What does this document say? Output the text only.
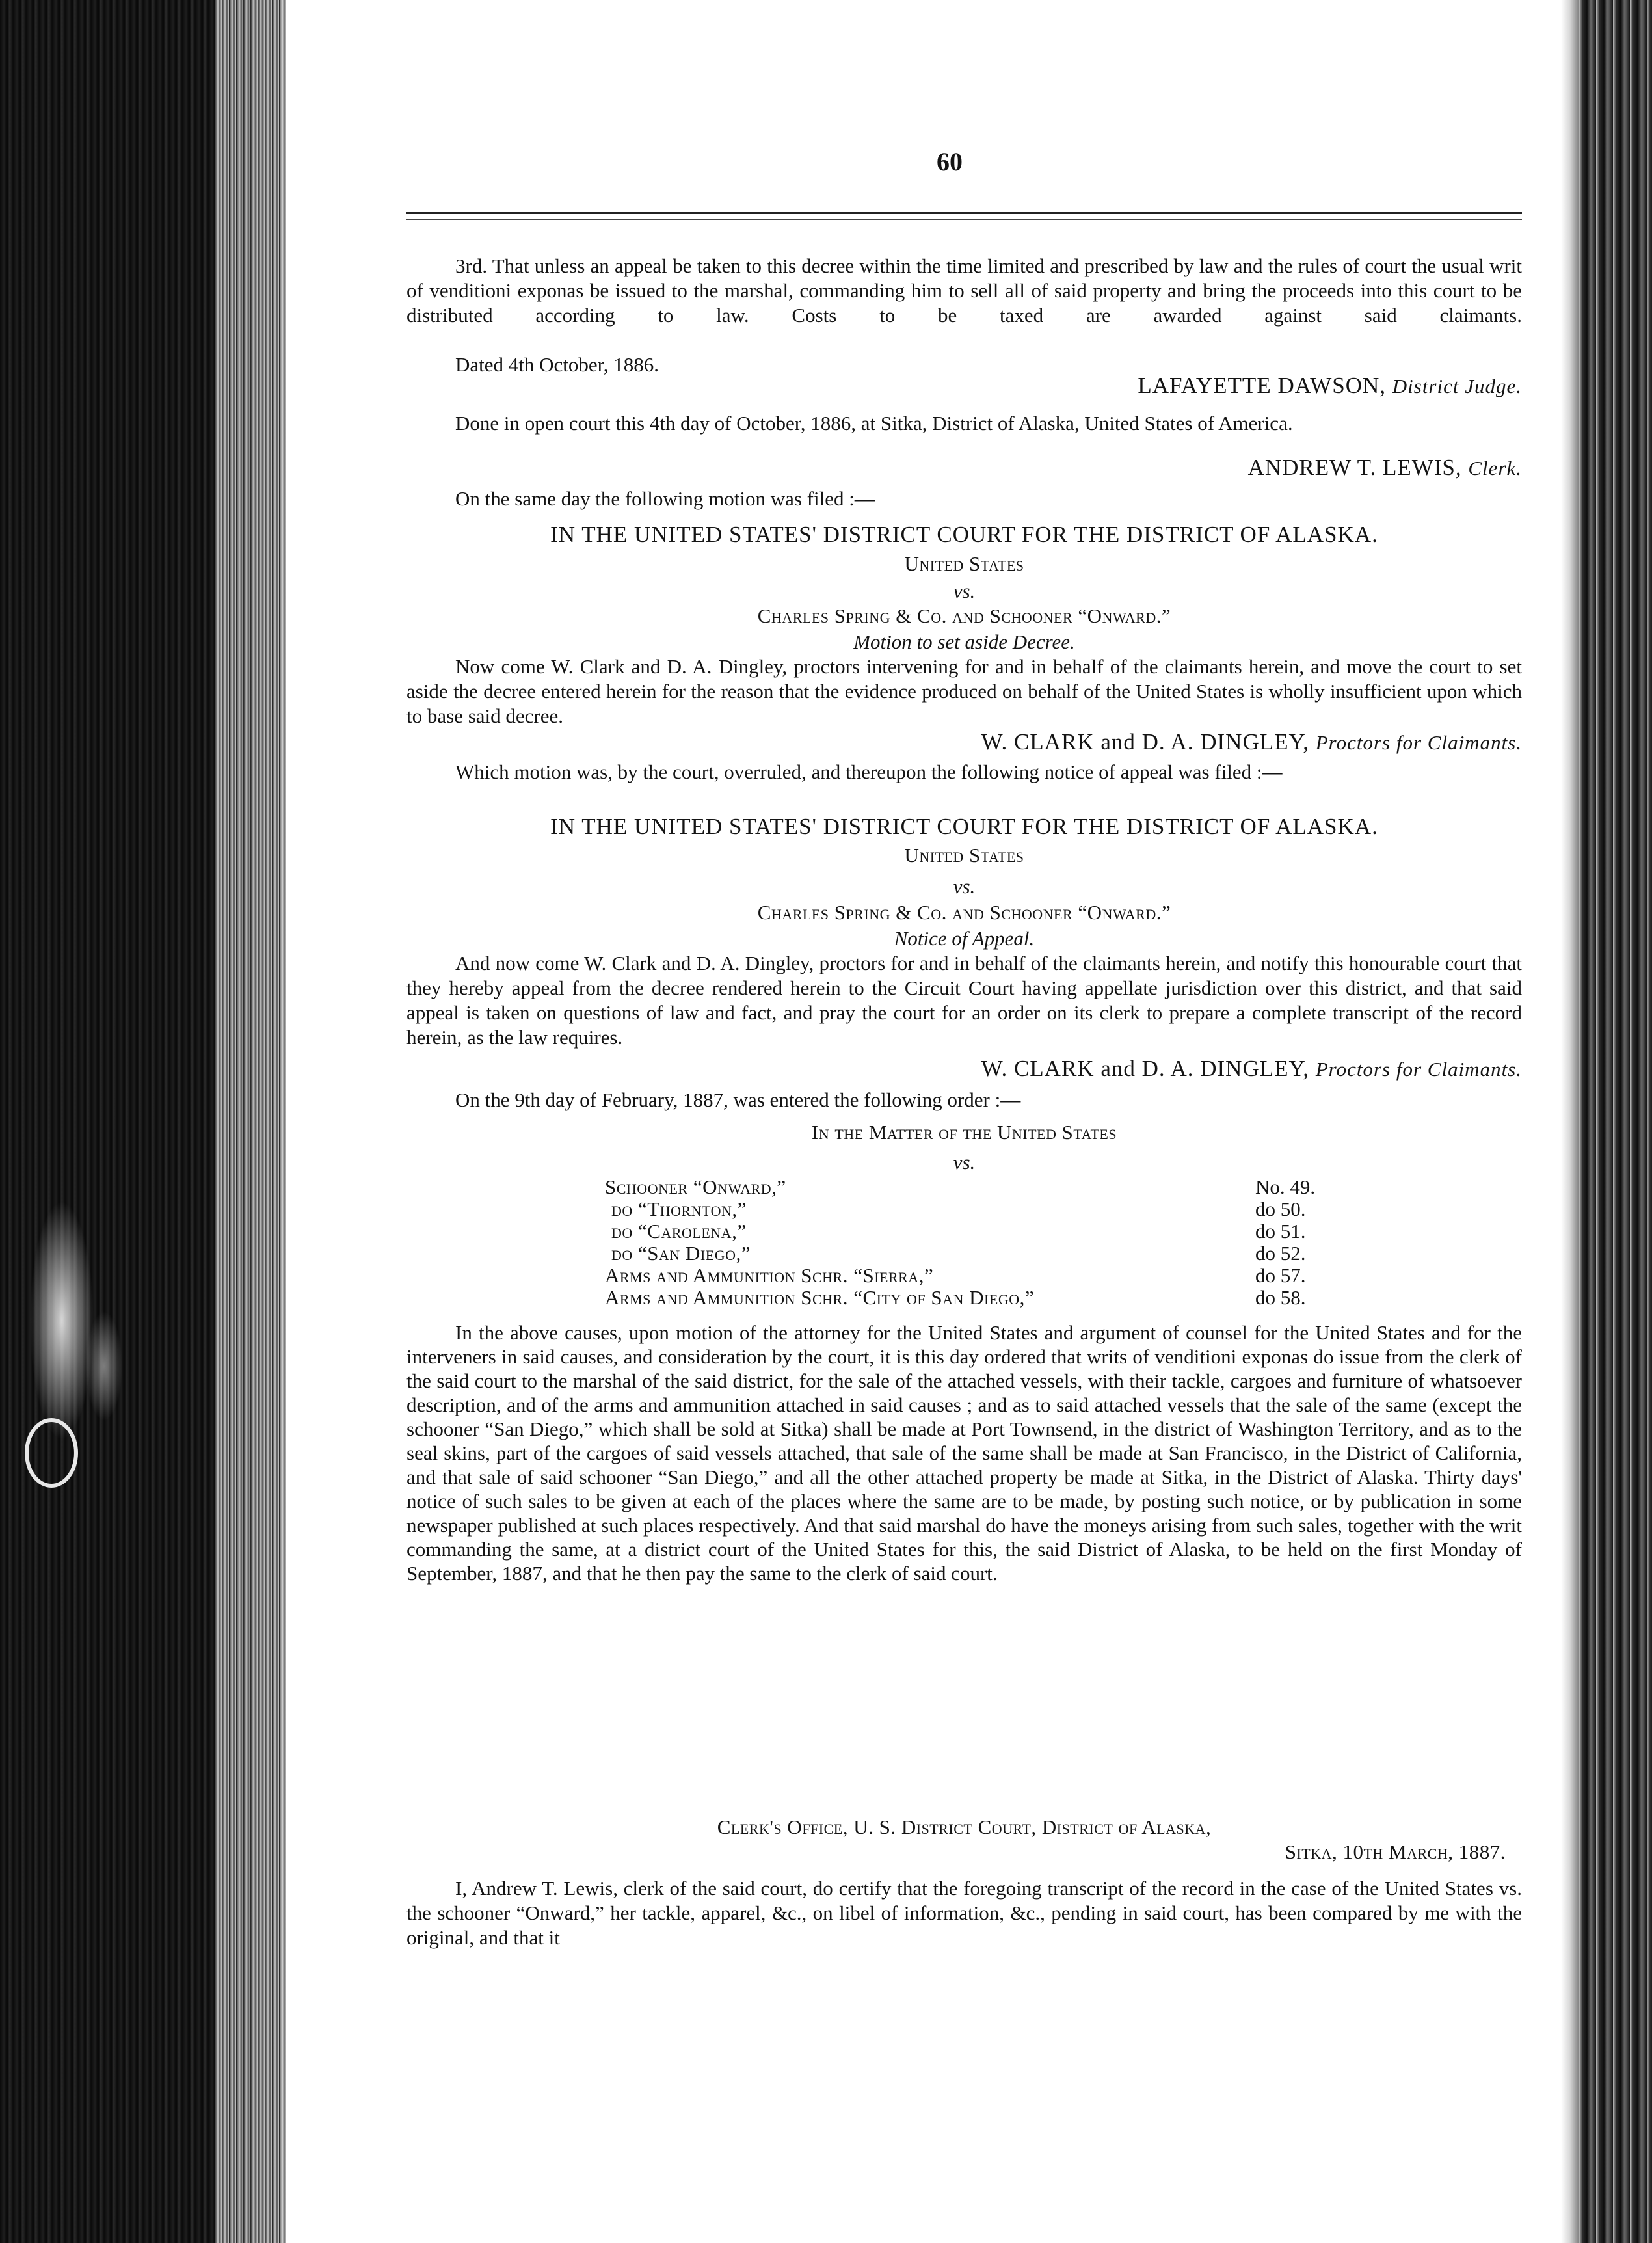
60

3rd. That unless an appeal be taken to this decree within the time limited and prescribed by law and the rules of court the usual writ of venditioni exponas be issued to the marshal, commanding him to sell all of said property and bring the proceeds into this court to be distributed according to law. Costs to be taxed are awarded against said claimants.

Dated 4th October, 1886.

LAFAYETTE DAWSON, District Judge.

Done in open court this 4th day of October, 1886, at Sitka, District of Alaska, United States of America.

ANDREW T. LEWIS, Clerk.

On the same day the following motion was filed :—

IN THE UNITED STATES' DISTRICT COURT FOR THE DISTRICT OF ALASKA.
United States
vs.
Charles Spring & Co. and Schooner “Onward.”
Motion to set aside Decree.

Now come W. Clark and D. A. Dingley, proctors intervening for and in behalf of the claimants herein, and move the court to set aside the decree entered herein for the reason that the evidence produced on behalf of the United States is wholly insufficient upon which to base said decree.

W. CLARK and D. A. DINGLEY, Proctors for Claimants.

Which motion was, by the court, overruled, and thereupon the following notice of appeal was filed :—

IN THE UNITED STATES' DISTRICT COURT FOR THE DISTRICT OF ALASKA.
United States
vs.
Charles Spring & Co. and Schooner “Onward.”
Notice of Appeal.

And now come W. Clark and D. A. Dingley, proctors for and in behalf of the claimants herein, and notify this honourable court that they hereby appeal from the decree rendered herein to the Circuit Court having appellate jurisdiction over this district, and that said appeal is taken on questions of law and fact, and pray the court for an order on its clerk to prepare a complete transcript of the record herein, as the law requires.

W. CLARK and D. A. DINGLEY, Proctors for Claimants.

On the 9th day of February, 1887, was entered the following order :—

In the Matter of the United States
vs.
Schooner “Onward,”	No. 49.
do “Thornton,”	do 50.
do “Carolena,”	do 51.
do “San Diego,”	do 52.
Arms and Ammunition Schr. “Sierra,”	do 57.
Arms and Ammunition Schr. “City of San Diego,”	do 58.

In the above causes, upon motion of the attorney for the United States and argument of counsel for the United States and for the interveners in said causes, and consideration by the court, it is this day ordered that writs of venditioni exponas do issue from the clerk of the said court to the marshal of the said district, for the sale of the attached vessels, with their tackle, cargoes and furniture of whatsoever description, and of the arms and ammunition attached in said causes ; and as to said attached vessels that the sale of the same (except the schooner “San Diego,” which shall be sold at Sitka) shall be made at Port Townsend, in the district of Washington Territory, and as to the seal skins, part of the cargoes of said vessels attached, that sale of the same shall be made at San Francisco, in the District of California, and that sale of said schooner “San Diego,” and all the other attached property be made at Sitka, in the District of Alaska. Thirty days' notice of such sales to be given at each of the places where the same are to be made, by posting such notice, or by publication in some newspaper published at such places respectively. And that said marshal do have the moneys arising from such sales, together with the writ commanding the same, at a district court of the United States for this, the said District of Alaska, to be held on the first Monday of September, 1887, and that he then pay the same to the clerk of said court.

Clerk's Office, U. S. District Court, District of Alaska,
Sitka, 10th March, 1887.

I, Andrew T. Lewis, clerk of the said court, do certify that the foregoing transcript of the record in the case of the United States vs. the schooner “Onward,” her tackle, apparel, &c., on libel of information, &c., pending in said court, has been compared by me with the original, and that it
